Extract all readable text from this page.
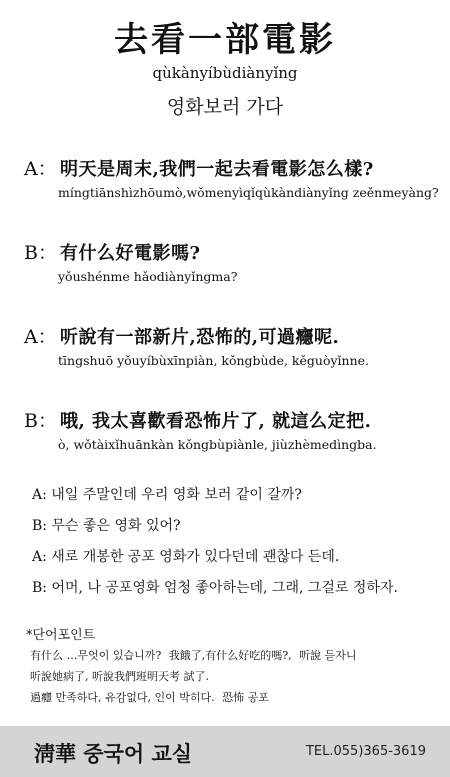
去看一部電影
qùkànyíbùdiànyǐng
영화보러 가다
A： 明天是周末,我們一起去看電影怎么樣?
míngtiānshìzhōumò,wǒmenyìqǐqùkàndiànyǐng zeěnmeyàng?
B： 有什么好電影嗎?
yǒushénme hǎodiànyǐngma?
A： 听說有一部新片,恐怖的,可過癮呢.
tīngshuō yǒuyíbùxīnpiàn, kǒngbùde, kěguòyǐnne.
B： 哦, 我太喜歡看恐怖片了, 就這么定把.
ò, wǒtàixǐhuānkàn kǒngbùpiànle, jiùzhèmedìngba.
A: 내일 주말인데 우리 영화 보러 같이 갈까?
B: 무슨 좋은 영화 있어?
A: 새로 개봉한 공포 영화가 있다던데 괜찮다 든데.
B: 어머, 나 공포영화 엄청 좋아하는데, 그래, 그걸로 정하자.
*단어포인트
有什么 …무엇이 있습니까? 我餓了,有什么好吃的嗎?, 听說 듣자니
听說她病了, 听說我們班明天考 試了.
過癮 만족하다, 유감없다, 인이 박히다. 恐怖 공포
淸華 중국어 교실	TEL.055)365-3619
